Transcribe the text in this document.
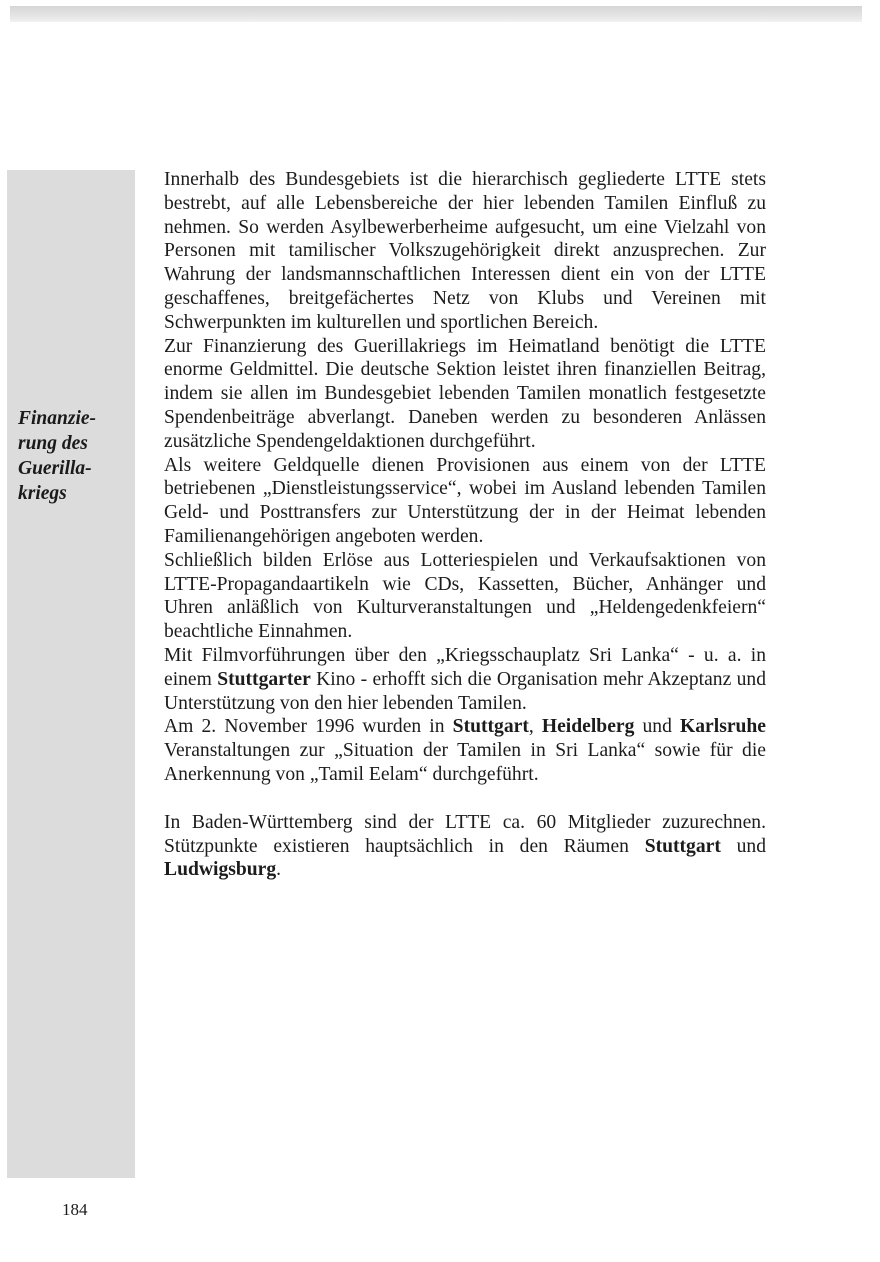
Finanzie-
rung des
Guerilla-
kriegs

Innerhalb des Bundesgebiets ist die hierarchisch gegliederte LTTE stets bestrebt, auf alle Lebensbereiche der hier lebenden Tamilen Einfluß zu nehmen. So werden Asylbewerberheime aufgesucht, um eine Vielzahl von Personen mit tamilischer Volkszugehörigkeit direkt anzusprechen. Zur Wahrung der landsmannschaftlichen Interessen dient ein von der LTTE geschaffenes, breitgefächertes Netz von Klubs und Vereinen mit Schwerpunkten im kulturellen und sportlichen Bereich.

Zur Finanzierung des Guerillakriegs im Heimatland benötigt die LTTE enorme Geldmittel. Die deutsche Sektion leistet ihren finanziellen Beitrag, indem sie allen im Bundesgebiet lebenden Tamilen monatlich festgesetzte Spendenbeiträge abverlangt. Daneben werden zu besonderen Anlässen zusätzliche Spendengeldaktionen durchgeführt.

Als weitere Geldquelle dienen Provisionen aus einem von der LTTE betriebenen „Dienstleistungsservice“, wobei im Ausland lebenden Tamilen Geld- und Posttransfers zur Unterstützung der in der Heimat lebenden Familienangehörigen angeboten werden.

Schließlich bilden Erlöse aus Lotteriespielen und Verkaufsaktionen von LTTE-Propagandaartikeln wie CDs, Kassetten, Bücher, Anhänger und Uhren anläßlich von Kulturveranstaltungen und „Heldengedenkfeiern“ beachtliche Einnahmen.

Mit Filmvorführungen über den „Kriegsschauplatz Sri Lanka“ - u. a. in einem Stuttgarter Kino - erhofft sich die Organisation mehr Akzeptanz und Unterstützung von den hier lebenden Tamilen.

Am 2. November 1996 wurden in Stuttgart, Heidelberg und Karlsruhe Veranstaltungen zur „Situation der Tamilen in Sri Lanka“ sowie für die Anerkennung von „Tamil Eelam“ durchgeführt.

In Baden-Württemberg sind der LTTE ca. 60 Mitglieder zuzurechnen. Stützpunkte existieren hauptsächlich in den Räumen Stuttgart und Ludwigsburg.

184
